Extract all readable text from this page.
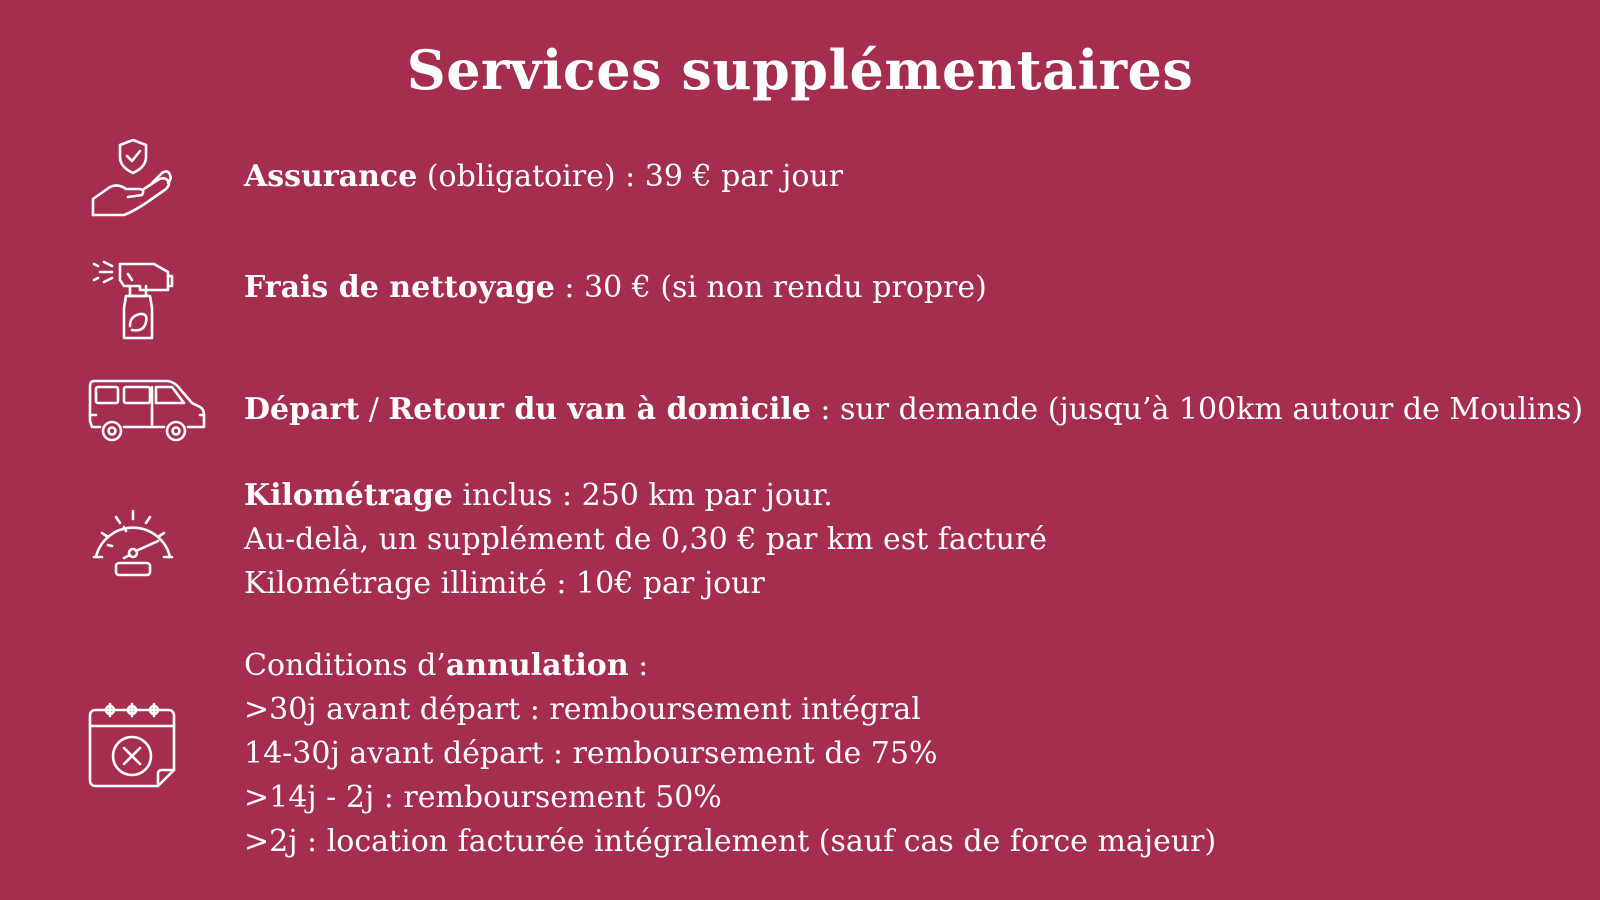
Services supplémentaires
Assurance (obligatoire) : 39 € par jour
Frais de nettoyage : 30 € (si non rendu propre)
Départ / Retour du van à domicile : sur demande (jusqu’à 100km autour de Moulins)
Kilométrage inclus : 250 km par jour.
Au-delà, un supplément de 0,30 € par km est facturé
Kilométrage illimité : 10€ par jour
Conditions d’annulation :
>30j avant départ : remboursement intégral
14-30j avant départ : remboursement de 75%
>14j - 2j : remboursement 50%
>2j : location facturée intégralement (sauf cas de force majeur)
